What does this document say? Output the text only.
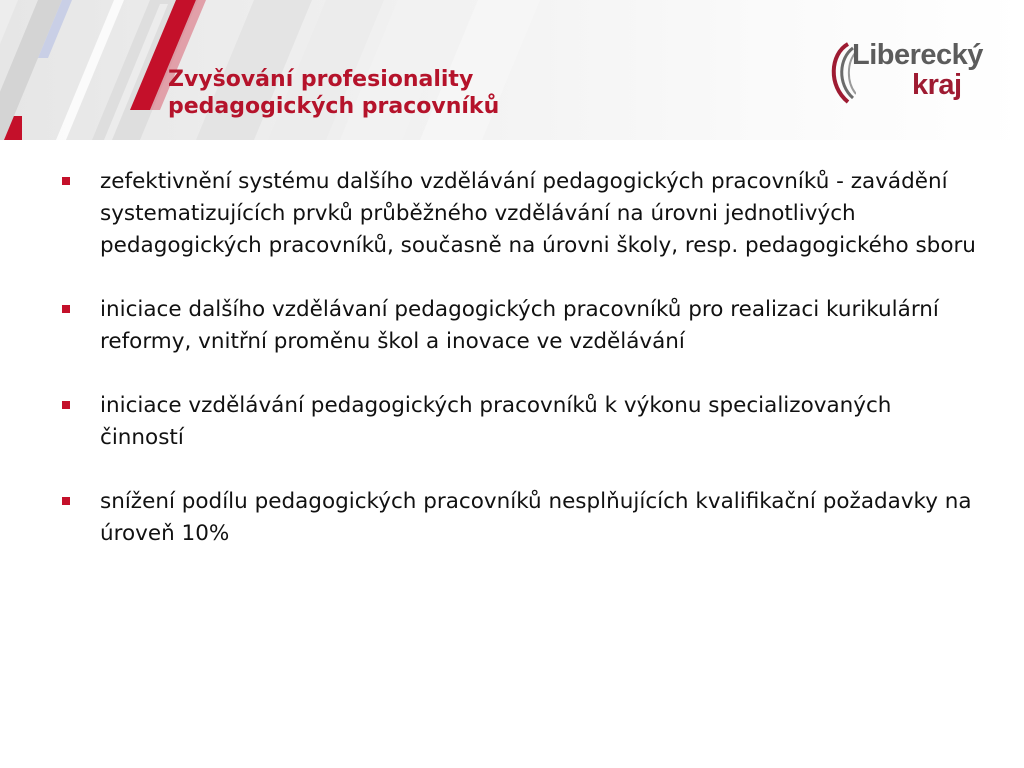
Zvyšování profesionality
pedagogických pracovníků
Liberecký
kraj
zefektivnění systému dalšího vzdělávání pedagogických pracovníků - zavádění systematizujících prvků průběžného vzdělávání na úrovni jednotlivých pedagogických pracovníků, současně na úrovni školy, resp. pedagogického sboru
iniciace dalšího vzdělávaní pedagogických pracovníků pro realizaci kurikulární reformy, vnitřní proměnu škol a inovace ve vzdělávání
iniciace vzdělávání pedagogických pracovníků k výkonu specializovaných činností
snížení podílu pedagogických pracovníků nesplňujících kvalifikační požadavky na úroveň 10%
